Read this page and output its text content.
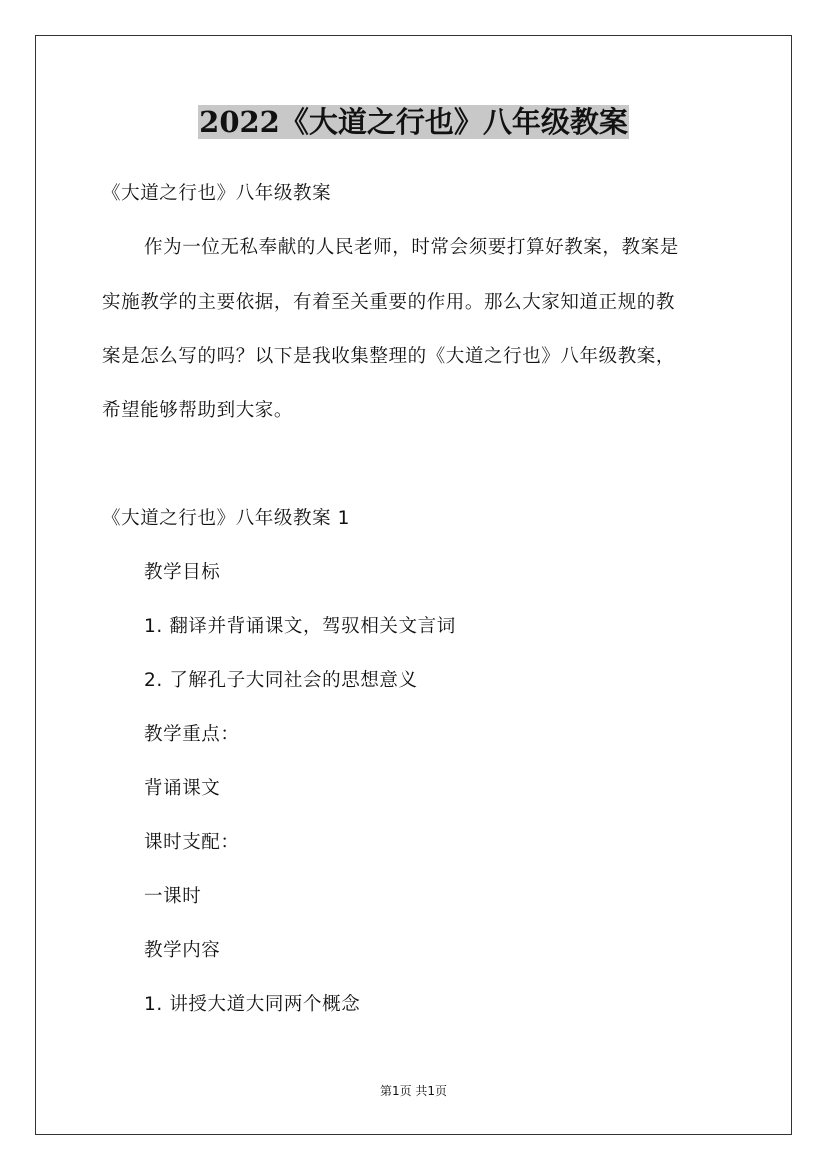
2022《大道之行也》八年级教案
《大道之行也》八年级教案
作为一位无私奉献的人民老师，时常会须要打算好教案，教案是
实施教学的主要依据，有着至关重要的作用。那么大家知道正规的教
案是怎么写的吗？以下是我收集整理的《大道之行也》八年级教案，
希望能够帮助到大家。
《大道之行也》八年级教案 1
教学目标
1. 翻译并背诵课文，驾驭相关文言词
2. 了解孔子大同社会的思想意义
教学重点：
背诵课文
课时支配：
一课时
教学内容
1. 讲授大道大同两个概念
第1页 共1页
